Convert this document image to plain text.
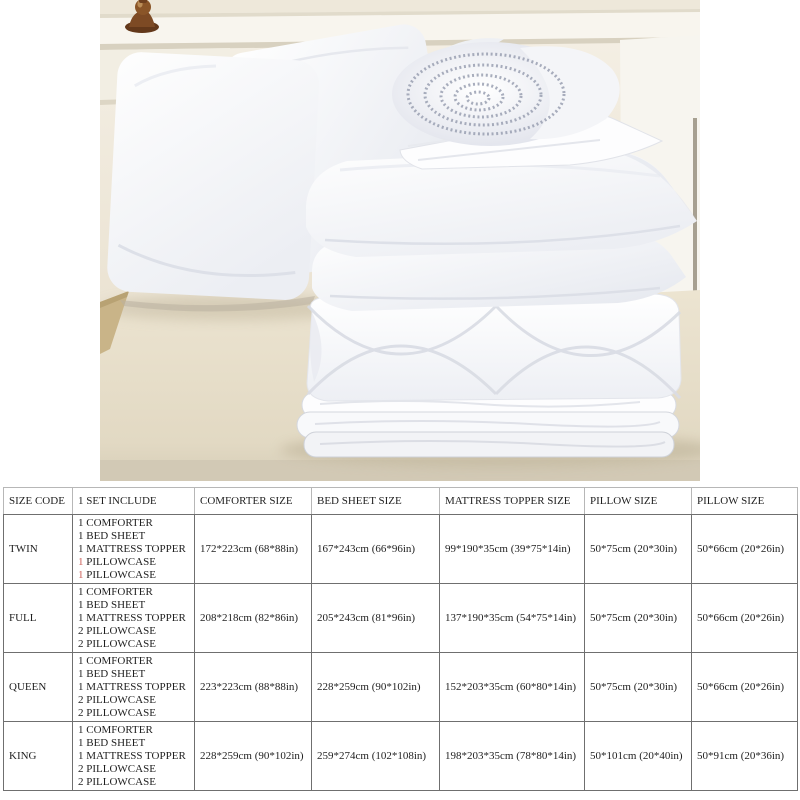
SIZE CODE	1 SET INCLUDE	COMFORTER SIZE	BED SHEET SIZE	MATTRESS TOPPER SIZE	PILLOW SIZE	PILLOW SIZE
TWIN	1 COMFORTER
1 BED SHEET
1 MATTRESS TOPPER
1 PILLOWCASE
1 PILLOWCASE	172*223cm (68*88in)	167*243cm (66*96in)	99*190*35cm (39*75*14in)	50*75cm (20*30in)	50*66cm (20*26in)
FULL	1 COMFORTER
1 BED SHEET
1 MATTRESS TOPPER
2 PILLOWCASE
2 PILLOWCASE	208*218cm (82*86in)	205*243cm (81*96in)	137*190*35cm (54*75*14in)	50*75cm (20*30in)	50*66cm (20*26in)
QUEEN	1 COMFORTER
1 BED SHEET
1 MATTRESS TOPPER
2 PILLOWCASE
2 PILLOWCASE	223*223cm (88*88in)	228*259cm (90*102in)	152*203*35cm (60*80*14in)	50*75cm (20*30in)	50*66cm (20*26in)
KING	1 COMFORTER
1 BED SHEET
1 MATTRESS TOPPER
2 PILLOWCASE
2 PILLOWCASE	228*259cm (90*102in)	259*274cm (102*108in)	198*203*35cm (78*80*14in)	50*101cm (20*40in)	50*91cm (20*36in)
